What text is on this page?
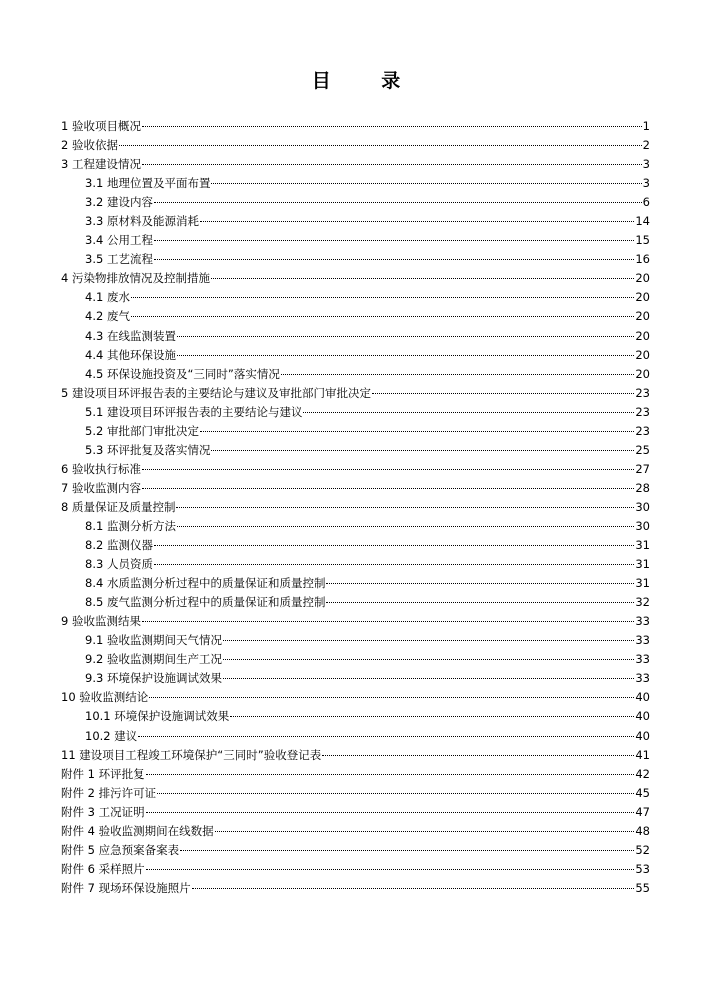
目 录
1 验收项目概况	1
2 验收依据	2
3 工程建设情况	3
3.1 地理位置及平面布置	3
3.2 建设内容	6
3.3 原材料及能源消耗	14
3.4 公用工程	15
3.5 工艺流程	16
4 污染物排放情况及控制措施	20
4.1 废水	20
4.2 废气	20
4.3 在线监测装置	20
4.4 其他环保设施	20
4.5 环保设施投资及“三同时”落实情况	20
5 建设项目环评报告表的主要结论与建议及审批部门审批决定	23
5.1 建设项目环评报告表的主要结论与建议	23
5.2 审批部门审批决定	23
5.3 环评批复及落实情况	25
6 验收执行标准	27
7 验收监测内容	28
8 质量保证及质量控制	30
8.1 监测分析方法	30
8.2 监测仪器	31
8.3 人员资质	31
8.4 水质监测分析过程中的质量保证和质量控制	31
8.5 废气监测分析过程中的质量保证和质量控制	32
9 验收监测结果	33
9.1 验收监测期间天气情况	33
9.2 验收监测期间生产工况	33
9.3 环境保护设施调试效果	33
10 验收监测结论	40
10.1 环境保护设施调试效果	40
10.2 建议	40
11 建设项目工程竣工环境保护“三同时”验收登记表	41
附件 1 环评批复	42
附件 2 排污许可证	45
附件 3 工况证明	47
附件 4 验收监测期间在线数据	48
附件 5 应急预案备案表	52
附件 6 采样照片	53
附件 7 现场环保设施照片	55
